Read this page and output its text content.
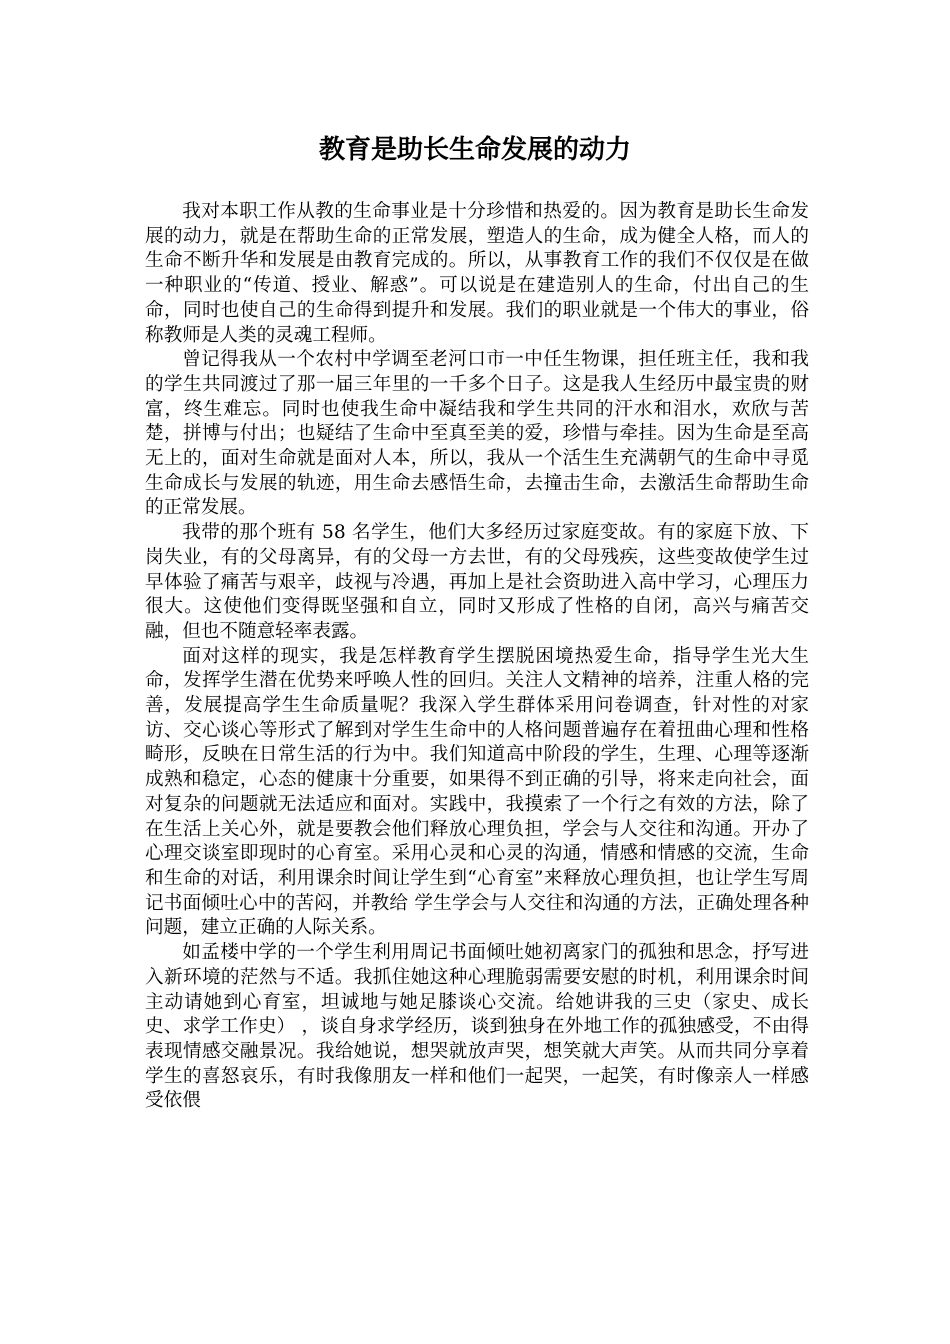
教育是助长生命发展的动力

我对本职工作从教的生命事业是十分珍惜和热爱的。因为教育是助长生命发展的动力，就是在帮助生命的正常发展，塑造人的生命，成为健全人格，而人的生命不断升华和发展是由教育完成的。所以，从事教育工作的我们不仅仅是在做一种职业的“传道、授业、解惑”。可以说是在建造别人的生命，付出自己的生命，同时也使自己的生命得到提升和发展。我们的职业就是一个伟大的事业，俗称教师是人类的灵魂工程师。

曾记得我从一个农村中学调至老河口市一中任生物课，担任班主任，我和我的学生共同渡过了那一届三年里的一千多个日子。这是我人生经历中最宝贵的财富，终生难忘。同时也使我生命中凝结我和学生共同的汗水和泪水，欢欣与苦楚，拼博与付出；也疑结了生命中至真至美的爱，珍惜与牵挂。因为生命是至高无上的，面对生命就是面对人本，所以，我从一个活生生充满朝气的生命中寻觅生命成长与发展的轨迹，用生命去感悟生命，去撞击生命，去激活生命帮助生命的正常发展。

我带的那个班有 58 名学生，他们大多经历过家庭变故。有的家庭下放、下岗失业，有的父母离异，有的父母一方去世，有的父母残疾，这些变故使学生过早体验了痛苦与艰辛，歧视与冷遇，再加上是社会资助进入高中学习，心理压力很大。这使他们变得既坚强和自立，同时又形成了性格的自闭，高兴与痛苦交融，但也不随意轻率表露。

面对这样的现实，我是怎样教育学生摆脱困境热爱生命，指导学生光大生命，发挥学生潜在优势来呼唤人性的回归。关注人文精神的培养，注重人格的完善，发展提高学生生命质量呢？我深入学生群体采用问卷调查，针对性的对家访、交心谈心等形式了解到对学生生命中的人格问题普遍存在着扭曲心理和性格畸形，反映在日常生活的行为中。我们知道高中阶段的学生，生理、心理等逐渐成熟和稳定，心态的健康十分重要，如果得不到正确的引导，将来走向社会，面对复杂的问题就无法适应和面对。实践中，我摸索了一个行之有效的方法，除了在生活上关心外，就是要教会他们释放心理负担，学会与人交往和沟通。开办了心理交谈室即现时的心育室。采用心灵和心灵的沟通，情感和情感的交流，生命和生命的对话，利用课余时间让学生到“心育室”来释放心理负担，也让学生写周记书面倾吐心中的苦闷，并教给 学生学会与人交往和沟通的方法，正确处理各种问题，建立正确的人际关系。

如孟楼中学的一个学生利用周记书面倾吐她初离家门的孤独和思念，抒写进入新环境的茫然与不适。我抓住她这种心理脆弱需要安慰的时机，利用课余时间主动请她到心育室，坦诚地与她足膝谈心交流。给她讲我的三史（家史、成长史、求学工作史） ，谈自身求学经历，谈到独身在外地工作的孤独感受，不由得表现情感交融景况。我给她说，想哭就放声哭，想笑就大声笑。从而共同分享着学生的喜怒哀乐，有时我像朋友一样和他们一起哭，一起笑，有时像亲人一样感受依偎
